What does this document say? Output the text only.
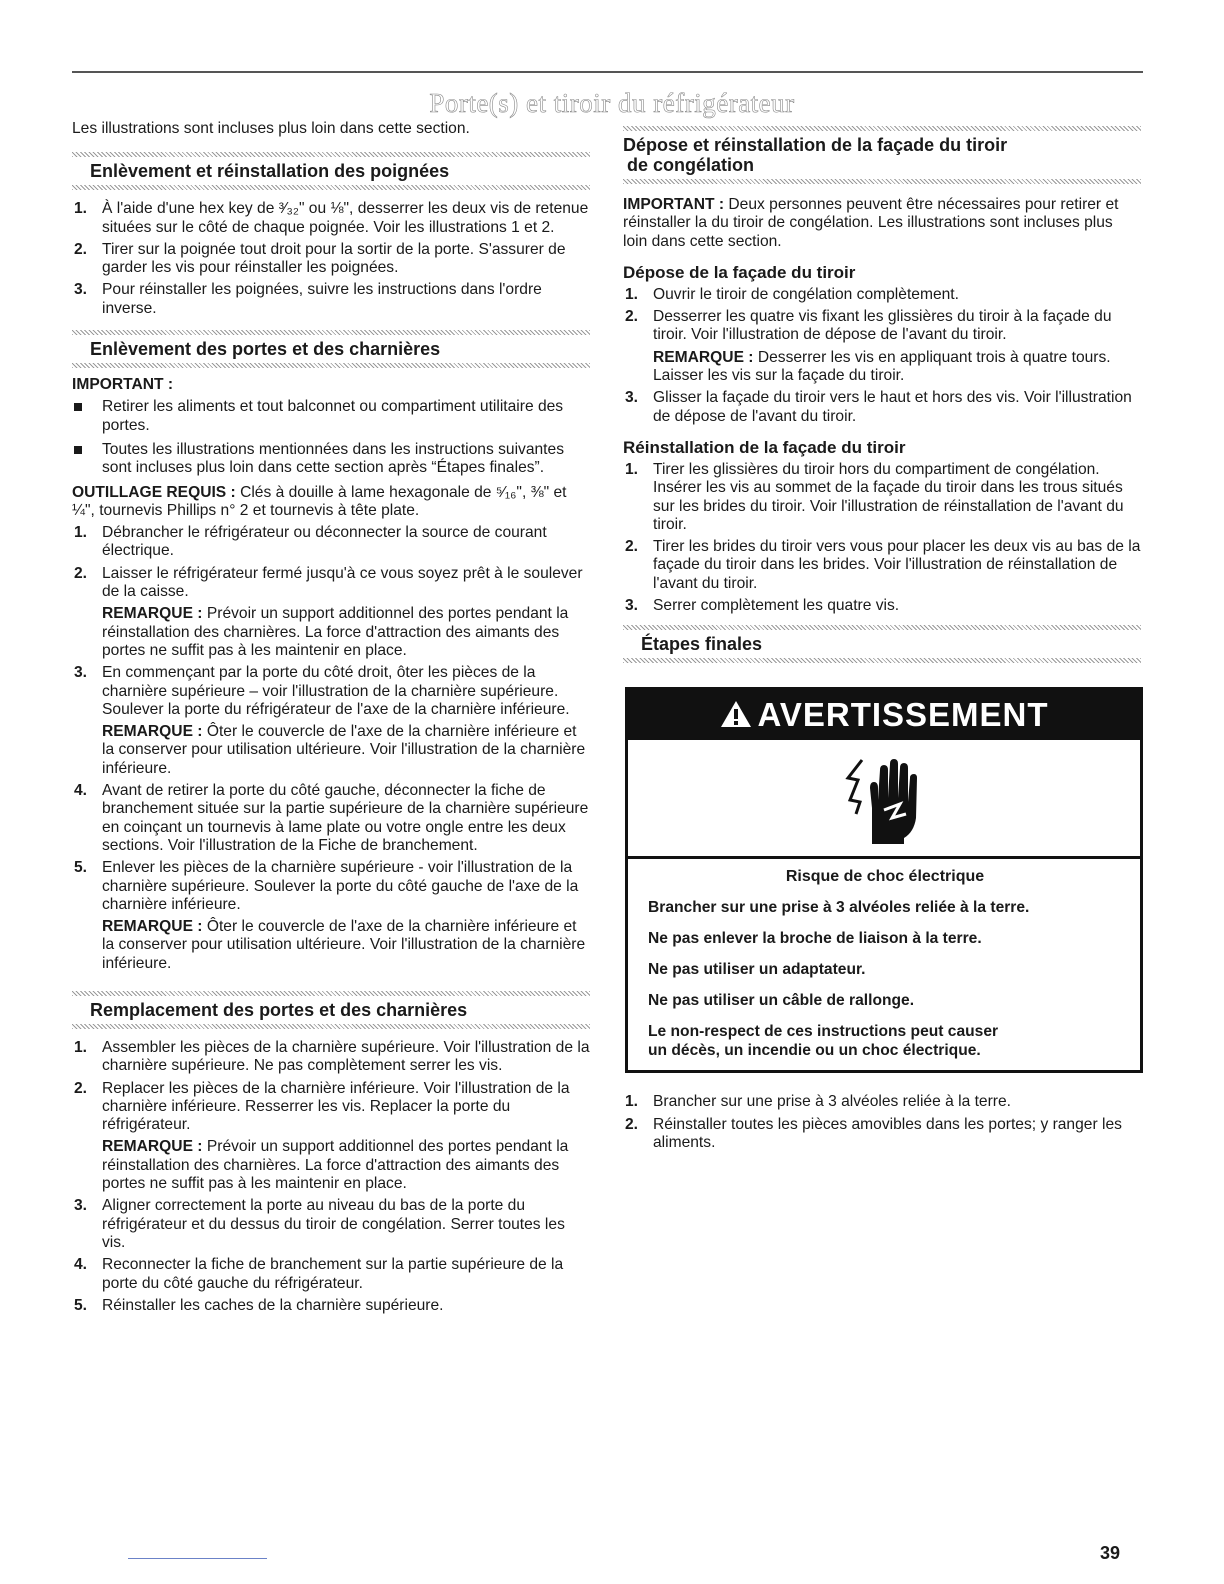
Porte(s) et tiroir du réfrigérateur

Les illustrations sont incluses plus loin dans cette section.

Enlèvement et réinstallation des poignées
1. À l'aide d'une hex key de ³⁄₃₂" ou ⅛", desserrer les deux vis de retenue situées sur le côté de chaque poignée. Voir les illustrations 1 et 2.
2. Tirer sur la poignée tout droit pour la sortir de la porte. S'assurer de garder les vis pour réinstaller les poignées.
3. Pour réinstaller les poignées, suivre les instructions dans l'ordre inverse.
Enlèvement des portes et des charnières

IMPORTANT :

Retirer les aliments et tout balconnet ou compartiment utilitaire des portes.
Toutes les illustrations mentionnées dans les instructions suivantes sont incluses plus loin dans cette section après “Étapes finales”.

OUTILLAGE REQUIS : Clés à douille à lame hexagonale de ⁵⁄₁₆", ⅜" et ¼", tournevis Phillips n° 2 et tournevis à tête plate.

1. Débrancher le réfrigérateur ou déconnecter la source de courant électrique.
2. Laisser le réfrigérateur fermé jusqu'à ce vous soyez prêt à le soulever de la caisse.

REMARQUE : Prévoir un support additionnel des portes pendant la réinstallation des charnières. La force d'attraction des aimants des portes ne suffit pas à les maintenir en place.

3. En commençant par la porte du côté droit, ôter les pièces de la charnière supérieure – voir l'illustration de la charnière supérieure. Soulever la porte du réfrigérateur de l'axe de la charnière inférieure.

REMARQUE : Ôter le couvercle de l'axe de la charnière inférieure et la conserver pour utilisation ultérieure. Voir l'illustration de la charnière inférieure.

4. Avant de retirer la porte du côté gauche, déconnecter la fiche de branchement située sur la partie supérieure de la charnière supérieure en coinçant un tournevis à lame plate ou votre ongle entre les deux sections. Voir l'illustration de la Fiche de branchement.
5. Enlever les pièces de la charnière supérieure - voir l'illustration de la charnière supérieure. Soulever la porte du côté gauche de l'axe de la charnière inférieure.

REMARQUE : Ôter le couvercle de l'axe de la charnière inférieure et la conserver pour utilisation ultérieure. Voir l'illustration de la charnière inférieure.

Remplacement des portes et des charnières
1. Assembler les pièces de la charnière supérieure. Voir l'illustration de la charnière supérieure. Ne pas complètement serrer les vis.
2. Replacer les pièces de la charnière inférieure. Voir l'illustration de la charnière inférieure. Resserrer les vis. Replacer la porte du réfrigérateur.

REMARQUE : Prévoir un support additionnel des portes pendant la réinstallation des charnières. La force d'attraction des aimants des portes ne suffit pas à les maintenir en place.

3. Aligner correctement la porte au niveau du bas de la porte du réfrigérateur et du dessus du tiroir de congélation. Serrer toutes les vis.
4. Reconnecter la fiche de branchement sur la partie supérieure de la porte du côté gauche du réfrigérateur.
5. Réinstaller les caches de la charnière supérieure.
Dépose et réinstallation de la façade du tiroir
de congélation

IMPORTANT : Deux personnes peuvent être nécessaires pour retirer et réinstaller la du tiroir de congélation. Les illustrations sont incluses plus loin dans cette section.

Dépose de la façade du tiroir
1. Ouvrir le tiroir de congélation complètement.
2. Desserrer les quatre vis fixant les glissières du tiroir à la façade du tiroir. Voir l'illustration de dépose de l'avant du tiroir.

REMARQUE : Desserrer les vis en appliquant trois à quatre tours. Laisser les vis sur la façade du tiroir.

3. Glisser la façade du tiroir vers le haut et hors des vis. Voir l'illustration de dépose de l'avant du tiroir.
Réinstallation de la façade du tiroir
1. Tirer les glissières du tiroir hors du compartiment de congélation. Insérer les vis au sommet de la façade du tiroir dans les trous situés sur les brides du tiroir. Voir l'illustration de réinstallation de l'avant du tiroir.
2. Tirer les brides du tiroir vers vous pour placer les deux vis au bas de la façade du tiroir dans les brides. Voir l'illustration de réinstallation de l'avant du tiroir.
3. Serrer complètement les quatre vis.
Étapes finales
AVERTISSEMENT

Risque de choc électrique

Brancher sur une prise à 3 alvéoles reliée à la terre.

Ne pas enlever la broche de liaison à la terre.

Ne pas utiliser un adaptateur.

Ne pas utiliser un câble de rallonge.

Le non-respect de ces instructions peut causer
un décès, un incendie ou un choc électrique.

1. Brancher sur une prise à 3 alvéoles reliée à la terre.
2. Réinstaller toutes les pièces amovibles dans les portes; y ranger les aliments.
39
